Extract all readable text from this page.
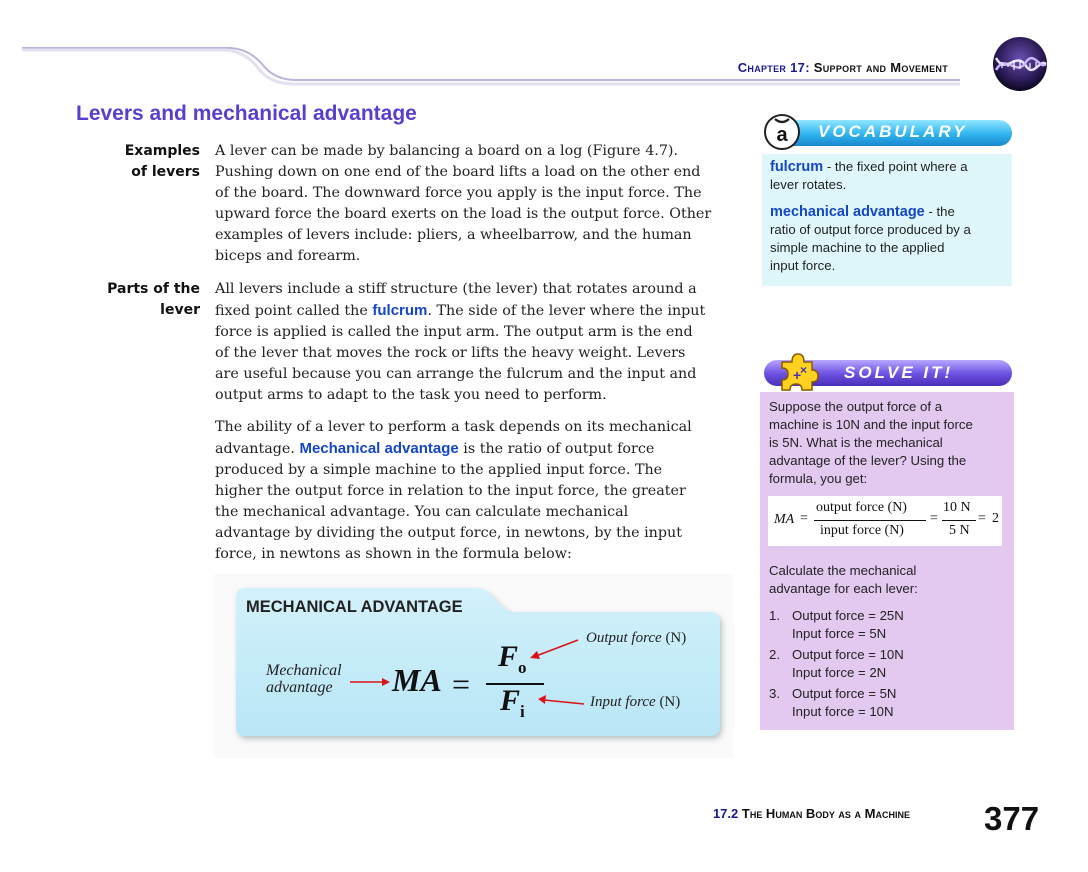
Chapter 17: Support and Movement
Levers and mechanical advantage
Examples
of levers
A lever can be made by balancing a board on a log (Figure 4.7).
Pushing down on one end of the board lifts a load on the other end
of the board. The downward force you apply is the input force. The
upward force the board exerts on the load is the output force. Other
examples of levers include: pliers, a wheelbarrow, and the human
biceps and forearm.
Parts of the lever
All levers include a stiff structure (the lever) that rotates around a
fixed point called the fulcrum. The side of the lever where the input
force is applied is called the input arm. The output arm is the end
of the lever that moves the rock or lifts the heavy weight. Levers
are useful because you can arrange the fulcrum and the input and
output arms to adapt to the task you need to perform.
The ability of a lever to perform a task depends on its mechanical
advantage. Mechanical advantage is the ratio of output force
produced by a simple machine to the applied input force. The
higher the output force in relation to the input force, the greater
the mechanical advantage. You can calculate mechanical
advantage by dividing the output force, in newtons, by the input
force, in newtons as shown in the formula below:
MECHANICAL ADVANTAGE
Mechanical
advantage MA =
$F_o$
$F_i$
Output force (N)
Input force (N)
a VOCABULARY
fulcrum - the fixed point where a
lever rotates.
mechanical advantage - the
ratio of output force produced by a
simple machine to the applied
input force.
+
× SOLVE IT!
Suppose the output force of a
machine is 10N and the input force
is 5N. What is the mechanical
advantage of the lever? Using the
formula, you get:
MA =
output force (N)
input force (N)
=
10 N
5 N
= 2
Calculate the mechanical
advantage for each lever:
1. Output force = 25N
Input force = 5N
2. Output force = 10N
Input force = 2N
3. Output force = 5N
Input force = 10N
17.2 The Human Body as a Machine 377
